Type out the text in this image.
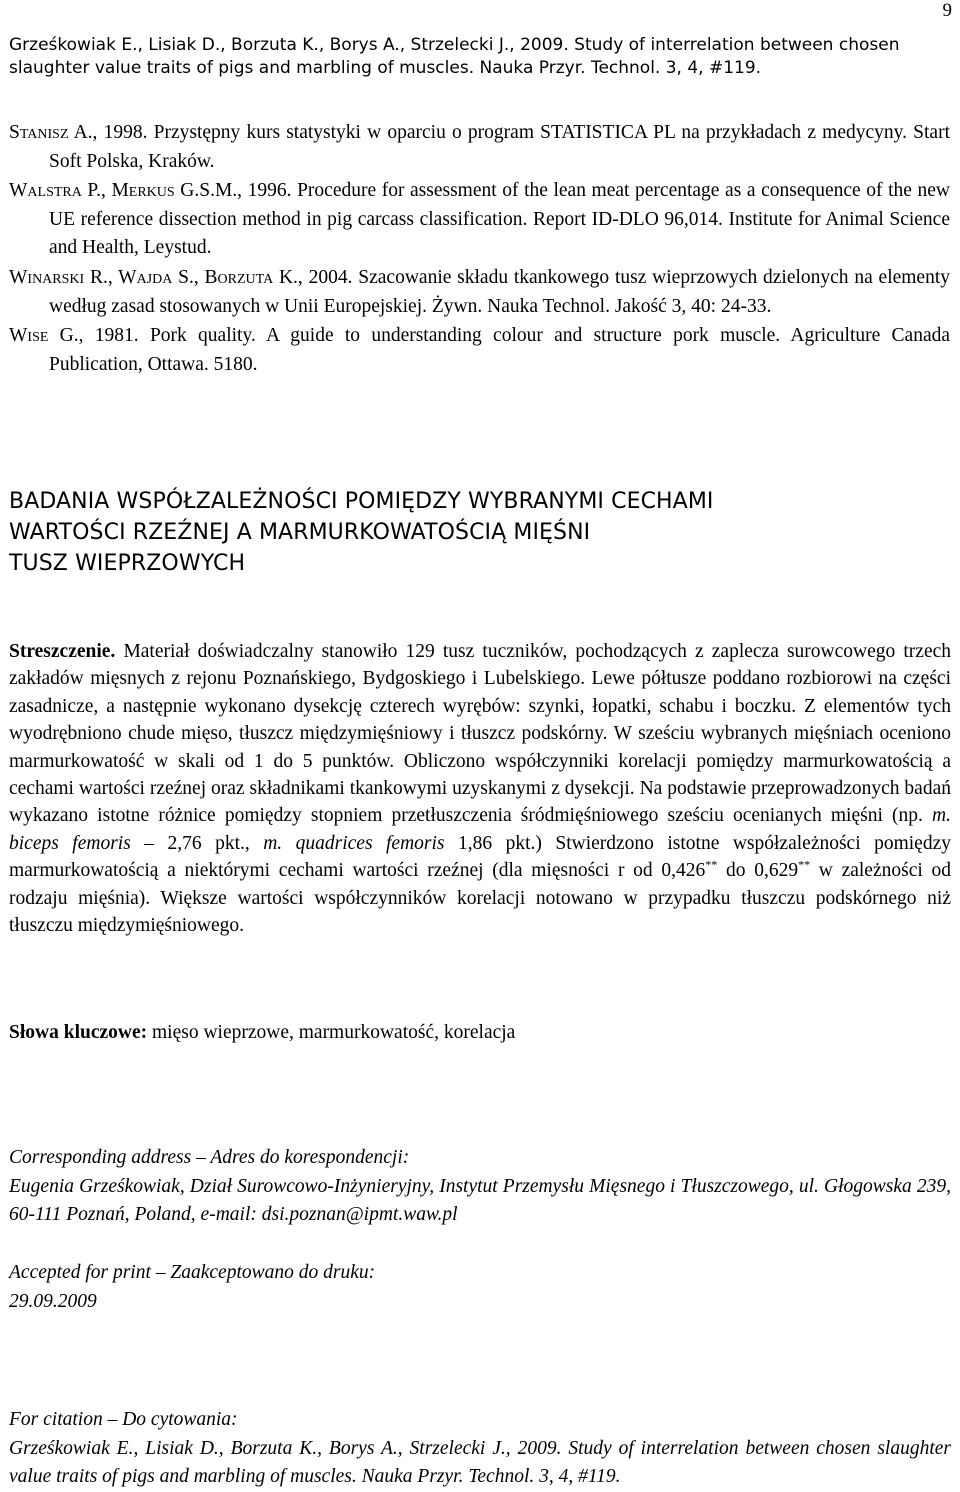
9
Grześkowiak E., Lisiak D., Borzuta K., Borys A., Strzelecki J., 2009. Study of interrelation between chosen slaughter value traits of pigs and marbling of muscles. Nauka Przyr. Technol. 3, 4, #119.

Stanisz A., 1998. Przystępny kurs statystyki w oparciu o program STATISTICA PL na przykładach z medycyny. Start Soft Polska, Kraków.

Walstra P., Merkus G.S.M., 1996. Procedure for assessment of the lean meat percentage as a consequence of the new UE reference dissection method in pig carcass classification. Report ID-DLO 96,014. Institute for Animal Science and Health, Leystud.

Winarski R., Wajda S., Borzuta K., 2004. Szacowanie składu tkankowego tusz wieprzowych dzielonych na elementy według zasad stosowanych w Unii Europejskiej. Żywn. Nauka Technol. Jakość 3, 40: 24-33.

Wise G., 1981. Pork quality. A guide to understanding colour and structure pork muscle. Agriculture Canada Publication, Ottawa. 5180.

BADANIA WSPÓŁZALEŻNOŚCI POMIĘDZY WYBRANYMI CECHAMI
WARTOŚCI RZEŹNEJ A MARMURKOWATOŚCIĄ MIĘŚNI
TUSZ WIEPRZOWYCH
Streszczenie. Materiał doświadczalny stanowiło 129 tusz tuczników, pochodzących z zaplecza surowcowego trzech zakładów mięsnych z rejonu Poznańskiego, Bydgoskiego i Lubelskiego. Lewe półtusze poddano rozbiorowi na części zasadnicze, a następnie wykonano dysekcję czterech wyrębów: szynki, łopatki, schabu i boczku. Z elementów tych wyodrębniono chude mięso, tłuszcz międzymięśniowy i tłuszcz podskórny. W sześciu wybranych mięśniach oceniono marmurkowatość w skali od 1 do 5 punktów. Obliczono współczynniki korelacji pomiędzy marmurkowatością a cechami wartości rzeźnej oraz składnikami tkankowymi uzyskanymi z dysekcji. Na podstawie przeprowadzonych badań wykazano istotne różnice pomiędzy stopniem przetłuszczenia śródmięśniowego sześciu ocenianych mięśni (np. m. biceps femoris – 2,76 pkt., m. quadrices femoris 1,86 pkt.) Stwierdzono istotne współzależności pomiędzy marmurkowatością a niektórymi cechami wartości rzeźnej (dla mięsności r od 0,426** do 0,629** w zależności od rodzaju mięśnia). Większe wartości współczynników korelacji notowano w przypadku tłuszczu podskórnego niż tłuszczu międzymięśniowego.
Słowa kluczowe: mięso wieprzowe, marmurkowatość, korelacja
Corresponding address – Adres do korespondencji:
Eugenia Grześkowiak, Dział Surowcowo-Inżynieryjny, Instytut Przemysłu Mięsnego i Tłuszczowego, ul. Głogowska 239, 60-111 Poznań, Poland, e-mail: dsi.poznan@ipmt.waw.pl
Accepted for print – Zaakceptowano do druku:
29.09.2009
For citation – Do cytowania:
Grześkowiak E., Lisiak D., Borzuta K., Borys A., Strzelecki J., 2009. Study of interrelation between chosen slaughter value traits of pigs and marbling of muscles. Nauka Przyr. Technol. 3, 4, #119.
